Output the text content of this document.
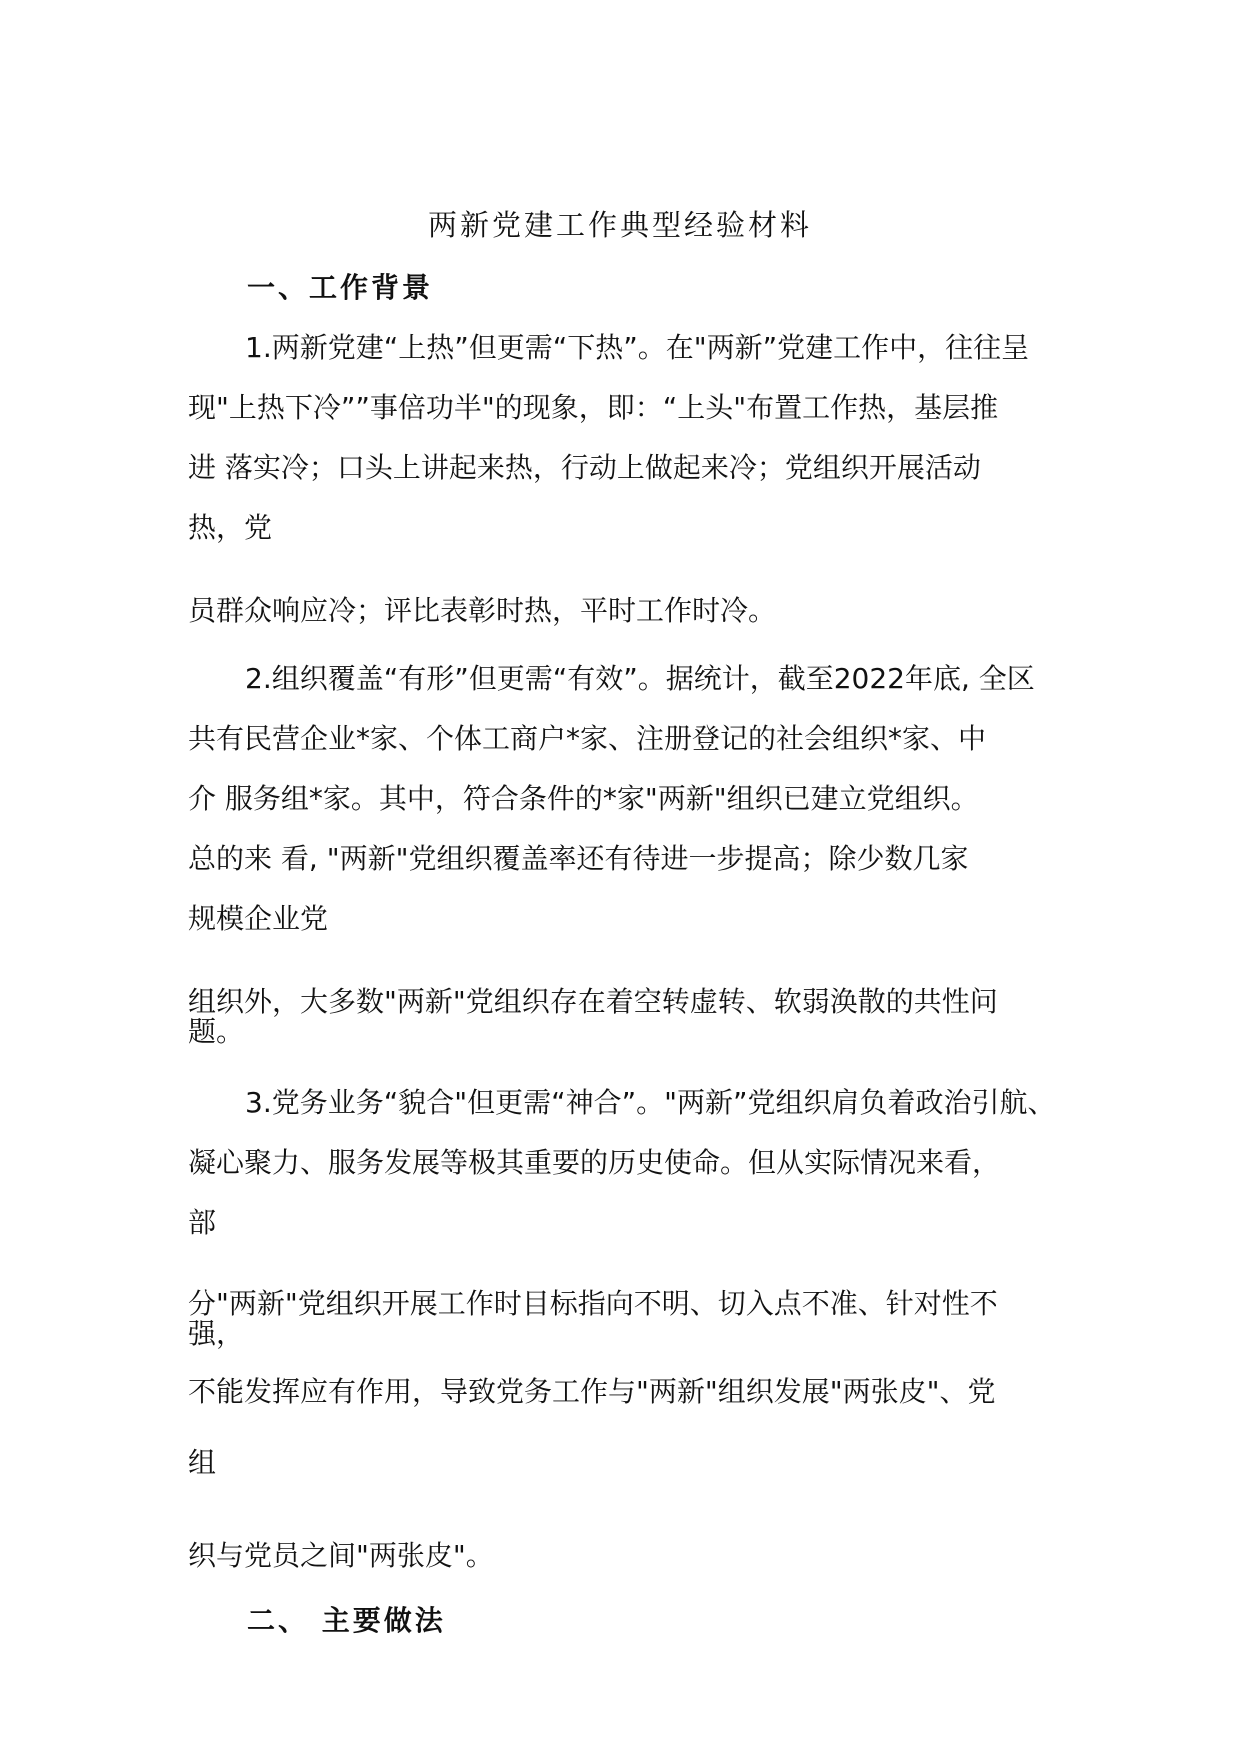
两新党建工作典型经验材料
一、工作背景
1.两新党建“上热”但更需“下热”。在"两新”党建工作中，往往呈
现"上热下冷””事倍功半"的现象，即：“上头"布置工作热，基层推
进 落实冷；口头上讲起来热，行动上做起来冷；党组织开展活动
热，党
员群众响应冷；评比表彰时热，平时工作时冷。
2.组织覆盖“有形”但更需“有效”。据统计，截至2022年底, 全区
共有民营企业*家、个体工商户*家、注册登记的社会组织*家、中
介 服务组*家。其中，符合条件的*家"两新"组织已建立党组织。
总的来 看, "两新"党组织覆盖率还有待进一步提高；除少数几家
规模企业党
组织外，大多数"两新"党组织存在着空转虚转、软弱涣散的共性问
题。
3.党务业务“貌合"但更需“神合”。"两新”党组织肩负着政治引航、
凝心聚力、服务发展等极其重要的历史使命。但从实际情况来看，
部
分"两新"党组织开展工作时目标指向不明、切入点不准、针对性不
强，
不能发挥应有作用，导致党务工作与"两新"组织发展"两张皮"、党
组
织与党员之间"两张皮"。
二、 主要做法
